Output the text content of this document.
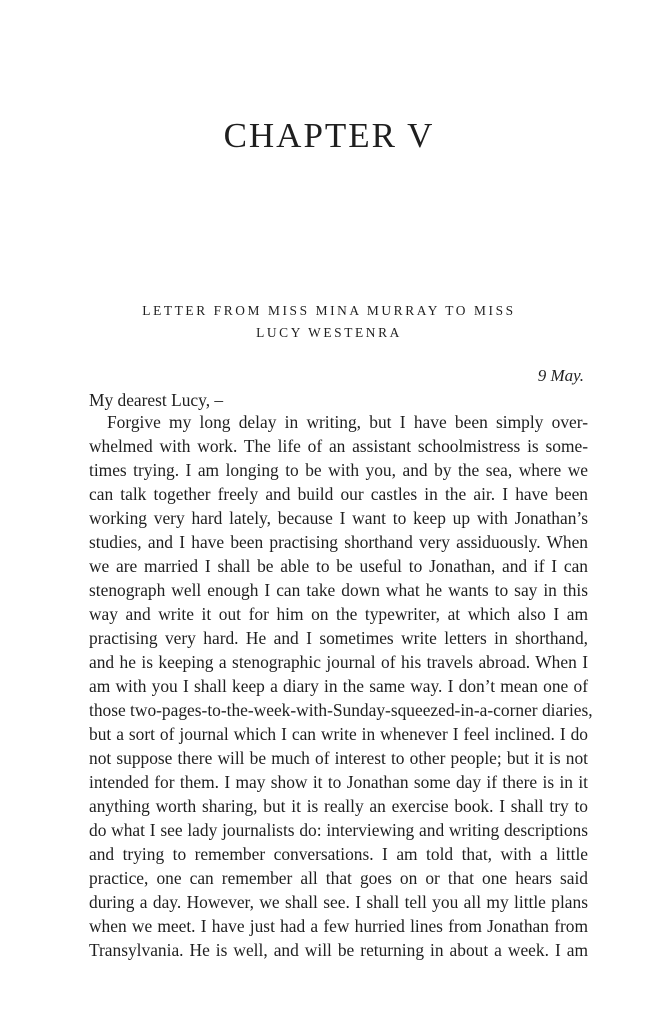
CHAPTER V
LETTER FROM MISS MINA MURRAY TO MISS
LUCY WESTENRA

9 May.

My dearest Lucy, –

Forgive my long delay in writing, but I have been simply over-
whelmed with work. The life of an assistant schoolmistress is some-
times trying. I am longing to be with you, and by the sea, where we
can talk together freely and build our castles in the air. I have been
working very hard lately, because I want to keep up with Jonathan’s
studies, and I have been practising shorthand very assiduously. When
we are married I shall be able to be useful to Jonathan, and if I can
stenograph well enough I can take down what he wants to say in this
way and write it out for him on the typewriter, at which also I am
practising very hard. He and I sometimes write letters in shorthand,
and he is keeping a stenographic journal of his travels abroad. When I
am with you I shall keep a diary in the same way. I don’t mean one of
those two-pages-to-the-week-with-Sunday-squeezed-in-a-corner diaries,
but a sort of journal which I can write in whenever I feel inclined. I do
not suppose there will be much of interest to other people; but it is not
intended for them. I may show it to Jonathan some day if there is in it
anything worth sharing, but it is really an exercise book. I shall try to
do what I see lady journalists do: interviewing and writing descriptions
and trying to remember conversations. I am told that, with a little
practice, one can remember all that goes on or that one hears said
during a day. However, we shall see. I shall tell you all my little plans
when we meet. I have just had a few hurried lines from Jonathan from
Transylvania. He is well, and will be returning in about a week. I am
